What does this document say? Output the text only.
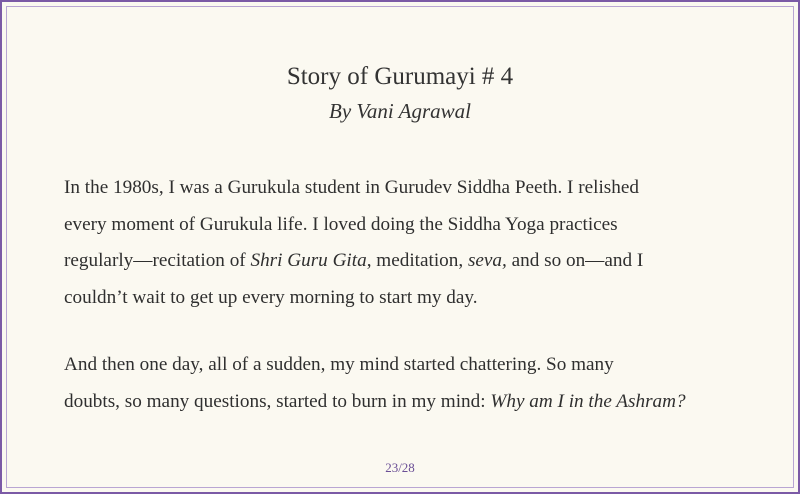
Story of Gurumayi # 4
By Vani Agrawal
In the 1980s, I was a Gurukula student in Gurudev Siddha Peeth. I relished
every moment of Gurukula life. I loved doing the Siddha Yoga practices
regularly—recitation of Shri Guru Gita, meditation, seva, and so on—and I
couldn’t wait to get up every morning to start my day.
And then one day, all of a sudden, my mind started chattering. So many
doubts, so many questions, started to burn in my mind: Why am I in the Ashram?
23/28
